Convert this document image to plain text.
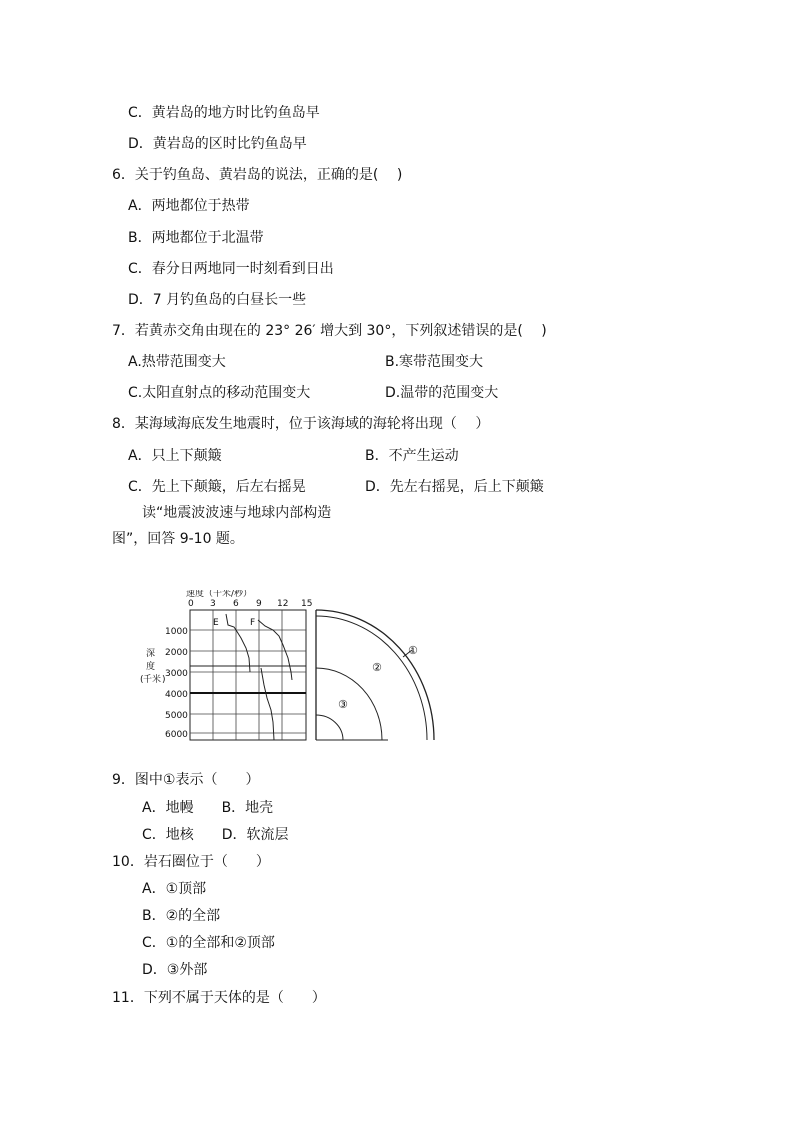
C．黄岩岛的地方时比钓鱼岛早
D．黄岩岛的区时比钓鱼岛早
6．关于钓鱼岛、黄岩岛的说法，正确的是(　 )
A．两地都位于热带
B．两地都位于北温带
C．春分日两地同一时刻看到日出
D．7 月钓鱼岛的白昼长一些
7．若黄赤交角由现在的 23° 26′ 增大到 30°，下列叙述错误的是(　 )
A.热带范围变大	B.寒带范围变大
C.太阳直射点的移动范围变大	D.温带的范围变大
8．某海域海底发生地震时，位于该海域的海轮将出现（　 ）
A．只上下颠簸	B．不产生运动
C．先上下颠簸，后左右摇晃	D．先左右摇晃，后上下颠簸
读“地震波波速与地球内部构造
图”，回答 9-10 题。
速度（千米/秒）
0 3 6 9 12 15
1000
2000
3000
4000
5000
6000
深
度
( 千米 )
E	F
①
②
③
9．图中①表示（　　）
A．地幔　　B．地壳
C．地核　　D．软流层
10．岩石圈位于（　　）
A．①顶部
B．②的全部
C．①的全部和②顶部
D．③外部
11．下列不属于天体的是（　　）
